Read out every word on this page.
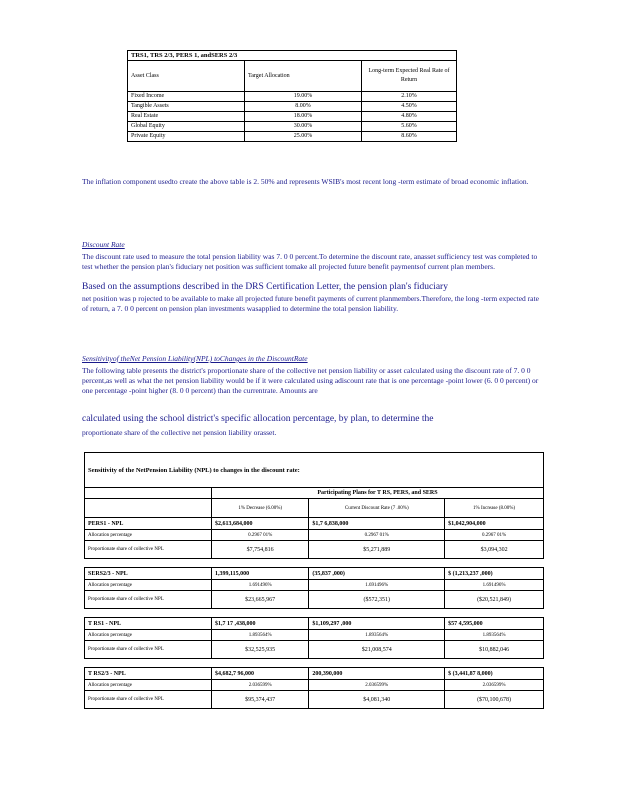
TRS1, TRS 2/3, PERS 1, andSERS 2/3		
Asset Class	Target Allocation	Long-term Expected Real Rate of Return
Fixed Income	19.00%	2.10%
Tangible Assets	8.00%	4.50%
Real Estate	18.00%	4.80%
Global Equity	30.00%	5.60%
Private Equity	25.00%	8.60%
The inflation component usedto create the above table is 2. 50% and represents WSIB's most recent long -term estimate of broad economic inflation.
Discount Rate
The discount rate used to measure the total pension liability was 7. 0 0 percent.To determine the discount rate, anasset sufficiency test was completed to test whether the pension plan's fiduciary net position was sufficient tomake all projected future benefit paymentsof current plan members.
Based on the assumptions described in the DRS Certification Letter, the pension plan's fiduciary
net position was p rojected to be available to make all projected future benefit payments of current planmembers.Therefore, the long -term expected rate of return, a 7. 0 0 percent on pension plan investments wasapplied to determine the total pension liability.
Sensitivityof theNet Pension Liability(NPL) toChanges in the DiscountRate
The following table presents the district's proportionate share of the collective net pension liability or asset calculated using the discount rate of 7. 0 0 percent,as well as what the net pension liability would be if it were calculated using adiscount rate that is one percentage -point lower (6. 0 0 percent) or one percentage -point higher (8. 0 0 percent) than the currentrate. Amounts are
calculated using the school district's specific allocation percentage, by plan, to determine the
proportionate share of the collective net pension liability orasset.
Sensitivity of the NetPension Liability (NPL) to changes in the discount rate:			
	Participating Plans for T RS, PERS, and SERS		
	1% Decrease (6.00%)	Current Discount Rate (7 .00%)	1% Increase (8.00%)
PERS1 - NPL	$2,613,684,000	$1,7 6,838,000	$1,042,904,000
Allocation percentage	0.2967 01%	0.2967 01%	0.2967 01%
Proportionate share of collective NPL	$7,754,816	$5,271,889	$3,094,302

SERS2/3 - NPL	1,399,115,000	(35,837 ,000)	$ (1,213,237 ,000)
Allocation percentage	1.691496%	1.691496%	1.691496%
Proportionate share of collective NPL	$23,665,967	($572,351)	($20,521,849)

T RS1 - NPL	$1,7 17 ,438,000	$1,109,297 ,000	$57 4,595,000
Allocation percentage	1.893564%	1.893564%	1.893564%
Proportionate share of collective NPL	$32,525,935	$21,008,574	$10,882,046

T RS2/3 - NPL	$4,682,7 96,000	200,390,000	$ (3,441,87 8,000)
Allocation percentage	2.036599%	2.036599%	2.036599%
Proportionate share of collective NPL	$95,374,437	$4,081,340	($70,100,678)
